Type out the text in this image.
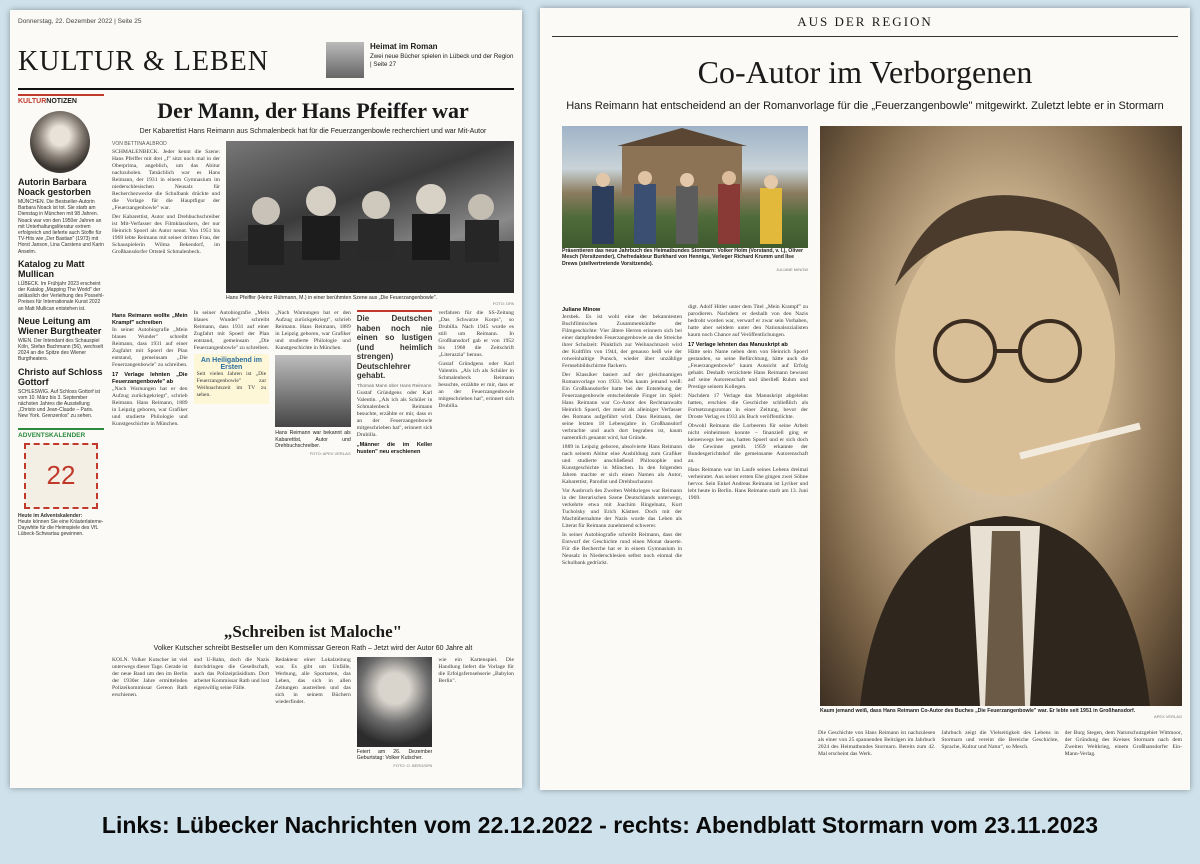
Donnerstag, 22. Dezember 2022 | Seite 25
KULTUR & LEBEN	Heimat im Roman
Zwei neue Bücher spielen in Lübeck und der Region | Seite 27
KULTURNOTIZEN
Autorin Barbara Noack gestorben
MÜNCHEN. Die Bestseller-Autorin Barbara Noack ist tot. Sie starb am Dienstag in München mit 98 Jahren. Noack war von den 1950er Jahren an mit Unterhaltungsliteratur extrem erfolgreich und lieferte auch Stoffe für TV-Hits wie „Der Bastian" (1973) mit Horst Janson, Lina Carstens und Karin Anselm.
Katalog zu Matt Mullican
LÜBECK. Im Frühjahr 2023 erscheint der Katalog „Mapping The World" der anlässlich der Verleihung des Possehl-Preises für Internationale Kunst 2022 an Matt Mullican entstehen ist.
Neue Leitung am Wiener Burgtheater
WIEN. Der Intendant des Schauspiel Köln, Stefan Bachmann (56), wechselt 2024 an die Spitze des Wiener Burgtheaters.
Christo auf Schloss Gottorf
SCHLESWIG. Auf Schloss Gottorf ist vom 10. März bis 3. September nächsten Jahres die Ausstellung „Christo und Jean-Claude – Paris. New York. Grenzenlos" zu sehen.
ADVENTSKALENDER
22
Heute im Adventskalender:
Heute können Sie eine Kräuterlaterne-Daywhite für die Heimspiele des VfL Lübeck-Schwartau gewinnen.
Der Mann, der Hans Pfeiffer war
Der Kabarettist Hans Reimann aus Schmalenbeck hat für die Feuerzangenbowle recherchiert und war Mit-Autor
VON BETTINA ALBROD

SCHMALENBECK. Jeder kennt die Szene: Hans Pfeiffer mit drei „f" sitzt noch mal in der Oberprima, angeblich, um das Abitur nachzuholen. Tatsächlich war es Hans Reimann, der 1931 in einem Gymnasium im niederschlesischen Neusalz für Recherchezwecke die Schulbank drückte und die Vorlage für die Hauptfigur der „Feuerzangenbowle" war.

Der Kabarettist, Autor und Drehbuchschreiber ist Mit-Verfasser des Filmklassikers, der nur Heinrich Spoerl als Autor nennt. Von 1951 bis 1969 lebte Reimann mit seiner dritten Frau, der Schauspielerin Wilma Bekendorf, im Großhansdorfer Ortsteil Schmalenbeck.

Hans Pfeiffer (Heinz Rühmann, M.) in einer berühmten Szene aus „Die Feuerzangenbowle".
FOTO: DPA
Hans Reimann wollte „Mein Krampf" schreiben

In seiner Autobiografie „Mein blaues Wunder" schreibt Reimann, dass 1931 auf einer Zugfahrt mit Spoerl der Plan entstand, gemeinsam „Die Feuerzangenbowle" zu schreiben.

17 Verlage lehnten „Die Feuerzangenbowle" ab

„Nach Warnungen hat er den Aufzug zurückgekriegt", schrieb Reimann. Hans Reimann, 1889 in Leipzig geboren, war Grafiker und studierte Philologie und Kunstgeschichte in München.

In seiner Autobiografie „Mein blaues Wunder" schreibt Reimann, dass 1931 auf einer Zugfahrt mit Spoerl der Plan entstand, gemeinsam „Die Feuerzangenbowle" zu schreiben.

An Heiligabend im Ersten

Seit vielen Jahren ist „Die Feuerzangenbowle" zur Weihnachtszeit im TV zu sehen.

„Nach Warnungen hat er den Aufzug zurückgekriegt", schrieb Reimann. Hans Reimann, 1889 in Leipzig geboren, war Grafiker und studierte Philologie und Kunstgeschichte in München.

Hans Reimann war bekannt als Kabarettist, Autor und Drehbuchschreiber.
FOTO: APEX VERLAG
Die Deutschen haben noch nie einen so lustigen (und heimlich strengen) Deutschlehrer gehabt.
Thomas Mann über Hans Reimann

Gustaf Gründgens oder Karl Valentin. „Als ich als Schüler in Schmalenbeck Reimann besuchte, erzählte er mir, dass er an der Feuerzangenbowle mitgeschrieben hat", erinnert sich Drubilla.

„Männer die im Keller husten" neu erschienen

verfahren für die SS-Zeitung „Das Schwarze Korps", so Drubilla. Nach 1945 wurde es still um Reimann. In Großhansdorf gab er von 1952 bis 1968 die Zeitschrift „Literazzia" heraus.

Gustaf Gründgens oder Karl Valentin. „Als ich als Schüler in Schmalenbeck Reimann besuchte, erzählte er mir, dass er an der Feuerzangenbowle mitgeschrieben hat", erinnert sich Drubilla.

„Schreiben ist Maloche"
Volker Kutscher schreibt Bestseller um den Kommissar Gereon Rath – Jetzt wird der Autor 60 Jahre alt
KÖLN. Volker Kutscher ist viel unterwegs dieser Tage. Gerade ist der neue Band um den im Berlin der 1930er Jahre ermittelnden Polizeikommissar Gereon Rath erschienen.
und U-Bahn, doch die Nazis durchdringen die Gesellschaft, auch das Polizeipräsidium. Dort arbeitet Kommissar Rath und lost eigenwillig seine Fälle.
Redakteur einer Lokalzeitung war. Es gibt um Unfälle, Werbung, alle Sportarten, das Leben, das sich in allen Zeitungen austreiben und das sich in seinem Büchern wiederfindet.
Feiert am 26. Dezember Geburtstag: Volker Kutscher.
FOTO: O. BERG/DPA
wie ein Kartenspiel. Die Handlung liefert die Vorlage für die Erfolgsfernsehserie „Babylon Berlin".
AUS DER REGION
Co-Autor im Verborgenen
Hans Reimann hat entscheidend an der Romanvorlage für die „Feuerzangenbowle" mitgewirkt. Zuletzt lebte er in Stormarn
Präsentieren das neue Jahrbuch des Heimatbundes Stormarn: Volker Holm (Vorstand, v. l.), Oliver Mesch (Vorsitzender), Chefredakteur Burkhard von Hennigs, Verleger Richard Krumm und Ilse Drews (stellvertretende Vorsitzende).
JULIANE MINOW
Juliane Minow

Jersbek. Es ist wohl eine der bekanntesten Buchfilmischen Zusammenkünfte der Filmgeschichte: Vier ältere Herren erinnern sich bei einer dampfenden Feuerzangenbowle an die Streiche ihrer Schulzeit: Pünktlich zur Weihnachtszeit wird der Kultfilm von 1944, der genauso heiß wie der rotweinhaltige Punsch, wieder über unzählige Fernsehbildschirme flackern.

Der Klassiker basiert auf der gleichnamigen Romanvorlage von 1933. Was kaum jemand weiß: Ein Großhansdorfer hatte bei der Entstehung der Feuerzangenbowle entscheidende Finger im Spiel: Hans Reimann war Co-Autor des Rechtsanwalts Heinrich Spoerl, der meist als alleiniger Verfasser des Romans aufgeführt wird. Dass Reimann, der seine letzten 18 Lebensjahre in Großhansdorf verbrachte und auch dort begraben ist, kaum namentlich genannt wird, hat Gründe.

1889 in Leipzig geboren, absolvierte Hans Reimann nach seinem Abitur eine Ausbildung zum Grafiker und studierte anschließend Philosophie und Kunstgeschichte in München. In den folgenden Jahren machte er sich einen Namen als Autor, Kabarettist, Parodist und Drehbuchautor.

Vor Ausbruch des Zweiten Weltkrieges war Reimann in der literarischen Szene Deutschlands unterwegs, verkehrte etwa mit Joachim Ringelnatz, Kurt Tucholsky und Erich Kästner. Doch mit der Machtübernahme der Nazis wurde das Leben als Literat für Reimann zunehmend schwerer.

In seiner Autobiografie schreibt Reimann, dass der Entwurf der Geschichte rund einen Monat dauerte. Für die Recherche hat er in einem Gymnasium in Neusalz in Niederschlesien selbst noch einmal die Schulbank gedrückt.

digt. Adolf Hitler unter dem Titel „Mein Krampf" zu parodieren. Nachdem er deshalb von den Nazis bedroht worden war, verwarf er zwar sein Vorhaben, hatte aber seitdem unter den Nationalsozialisten kaum noch Chance auf Veröffentlichungen.

17 Verlage lehnten das Manuskript ab

Hätte sein Name neben dem von Heinrich Spoerl gestanden, so seine Befürchtung, hätte auch die „Feuerzangenbowle" kaum Aussicht auf Erfolg gehabt. Deshalb verzichtete Hans Reimann bewusst auf seine Autorenschaft und überließ Ruhm und Prestige seinem Kollegen.

Nachdem 17 Verlage das Manuskript abgelehnt hatten, erschien die Geschichte schließlich als Fortsetzungsroman in einer Zeitung, bevor der Droste Verlag es 1933 als Buch veröffentlichte.

Obwohl Reimann die Lorbeeren für seine Arbeit nicht einheimsen konnte – finanziell ging er keineswegs leer aus, hatten Spoerl und er sich doch die Gewinne geteilt. 1959 erkannte der Bundesgerichtshof die gemeinsame Autorenschaft an.

Hans Reimann war im Laufe seines Lebens dreimal verheiratet. Aus seiner ersten Ehe gingen zwei Söhne hervor. Sein Enkel Andreas Reimann ist Lyriker und lebt heute in Berlin. Hans Reimann starb am 13. Juni 1969.

Kaum jemand weiß, dass Hans Reimann Co-Autor des Buches „Die Feuerzangenbowle" war. Er lebte seit 1951 in Großhansdorf.
APEX VERLAG
Die Geschichte von Hans Reimann ist nachzulesen als einer von 25 spannenden Beiträgen im Jahrbuch 2024 des Heimatbundes Stormarn. Bereits zum 42. Mal erscheint das Werk.
Jahrbuch zeigt die Vielseitigkeit des Lebens in Stormarn und vereint die Bereiche Geschichte, Sprache, Kultur und Natur", so Mesch.
der Burg Stegen, dem Naturschutzgebiet Wittmoor, der Gründung des Kreises Stormarn nach dem Zweiten Weltkrieg, einem Großhansdorfer Ein-Mann-Verlag.
Links: Lübecker Nachrichten vom 22.12.2022 - rechts: Abendblatt Stormarn vom 23.11.2023
